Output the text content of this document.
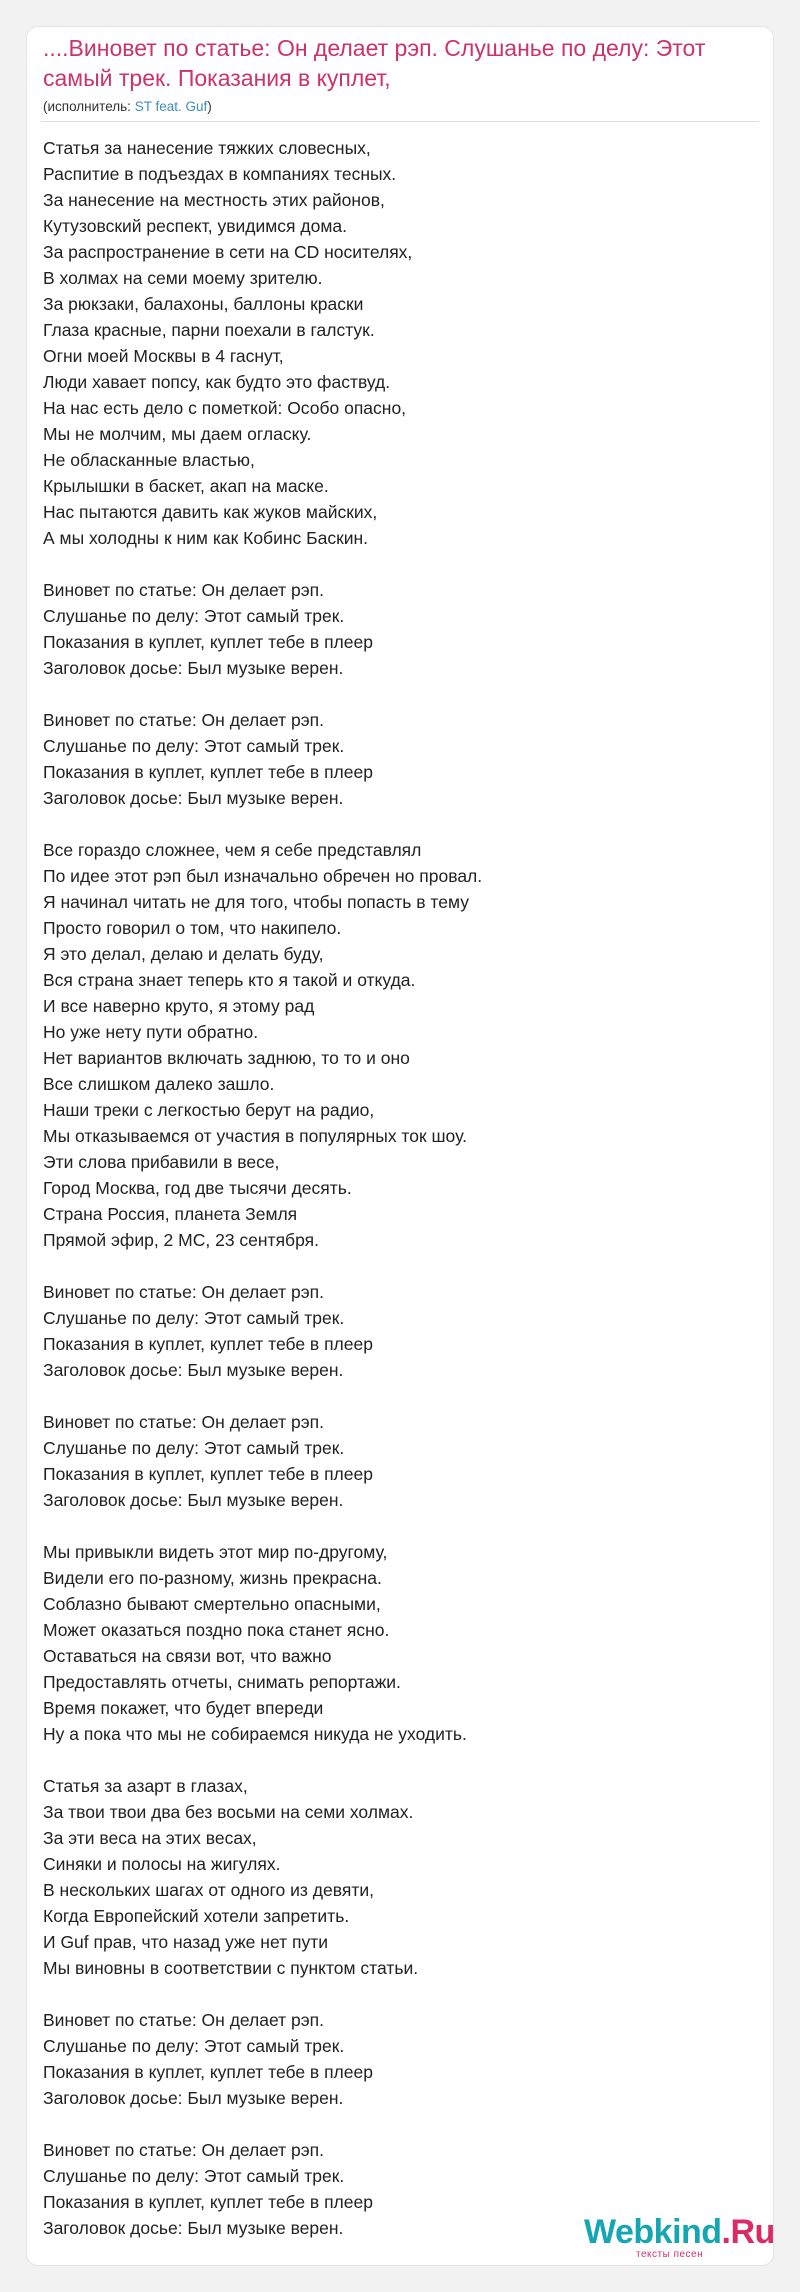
....Виновет по статье: Он делает рэп. Слушанье по делу: Этот самый трек. Показания в куплет,
(исполнитель: ST feat. Guf)
Статья за нанесение тяжких словесных,
Распитие в подъездах в компаниях тесных.
За нанесение на местность этих районов,
Кутузовский респект, увидимся дома.
За распространение в сети на CD носителях,
В холмах на семи моему зрителю.
За рюкзаки, балахоны, баллоны краски
Глаза красные, парни поехали в галстук.
Огни моей Москвы в 4 гаснут,
Люди хавает попсу, как будто это фаствуд.
На нас есть дело с пометкой: Особо опасно,
Мы не молчим, мы даем огласку.
Не обласканные властью,
Крылышки в баскет, акап на маске.
Нас пытаются давить как жуков майских,
А мы холодны к ним как Кобинс Баскин.
Виновет по статье: Он делает рэп.
Слушанье по делу: Этот самый трек.
Показания в куплет, куплет тебе в плеер
Заголовок досье: Был музыке верен.
Виновет по статье: Он делает рэп.
Слушанье по делу: Этот самый трек.
Показания в куплет, куплет тебе в плеер
Заголовок досье: Был музыке верен.
Все гораздо сложнее, чем я себе представлял
По идее этот рэп был изначально обречен но провал.
Я начинал читать не для того, чтобы попасть в тему
Просто говорил о том, что накипело.
Я это делал, делаю и делать буду,
Вся страна знает теперь кто я такой и откуда.
И все наверно круто, я этому рад
Но уже нету пути обратно.
Нет вариантов включать заднюю, то то и оно
Все слишком далеко зашло.
Наши треки с легкостью берут на радио,
Мы отказываемся от участия в популярных ток шоу.
Эти слова прибавили в весе,
Город Москва, год две тысячи десять.
Страна Россия, планета Земля
Прямой эфир, 2 МС, 23 сентября.
Виновет по статье: Он делает рэп.
Слушанье по делу: Этот самый трек.
Показания в куплет, куплет тебе в плеер
Заголовок досье: Был музыке верен.
Виновет по статье: Он делает рэп.
Слушанье по делу: Этот самый трек.
Показания в куплет, куплет тебе в плеер
Заголовок досье: Был музыке верен.
Мы привыкли видеть этот мир по-другому,
Видели его по-разному, жизнь прекрасна.
Соблазно бывают смертельно опасными,
Может оказаться поздно пока станет ясно.
Оставаться на связи вот, что важно
Предоставлять отчеты, снимать репортажи.
Время покажет, что будет впереди
Ну а пока что мы не собираемся никуда не уходить.
Статья за азарт в глазах,
За твои твои два без восьми на семи холмах.
За эти веса на этих весах,
Синяки и полосы на жигулях.
В нескольких шагах от одного из девяти,
Когда Европейский хотели запретить.
И Guf прав, что назад уже нет пути
Мы виновны в соответствии с пунктом статьи.
Виновет по статье: Он делает рэп.
Слушанье по делу: Этот самый трек.
Показания в куплет, куплет тебе в плеер
Заголовок досье: Был музыке верен.
Виновет по статье: Он делает рэп.
Слушанье по делу: Этот самый трек.
Показания в куплет, куплет тебе в плеер
Заголовок досье: Был музыке верен.	Webkind.Ru
тексты песен
